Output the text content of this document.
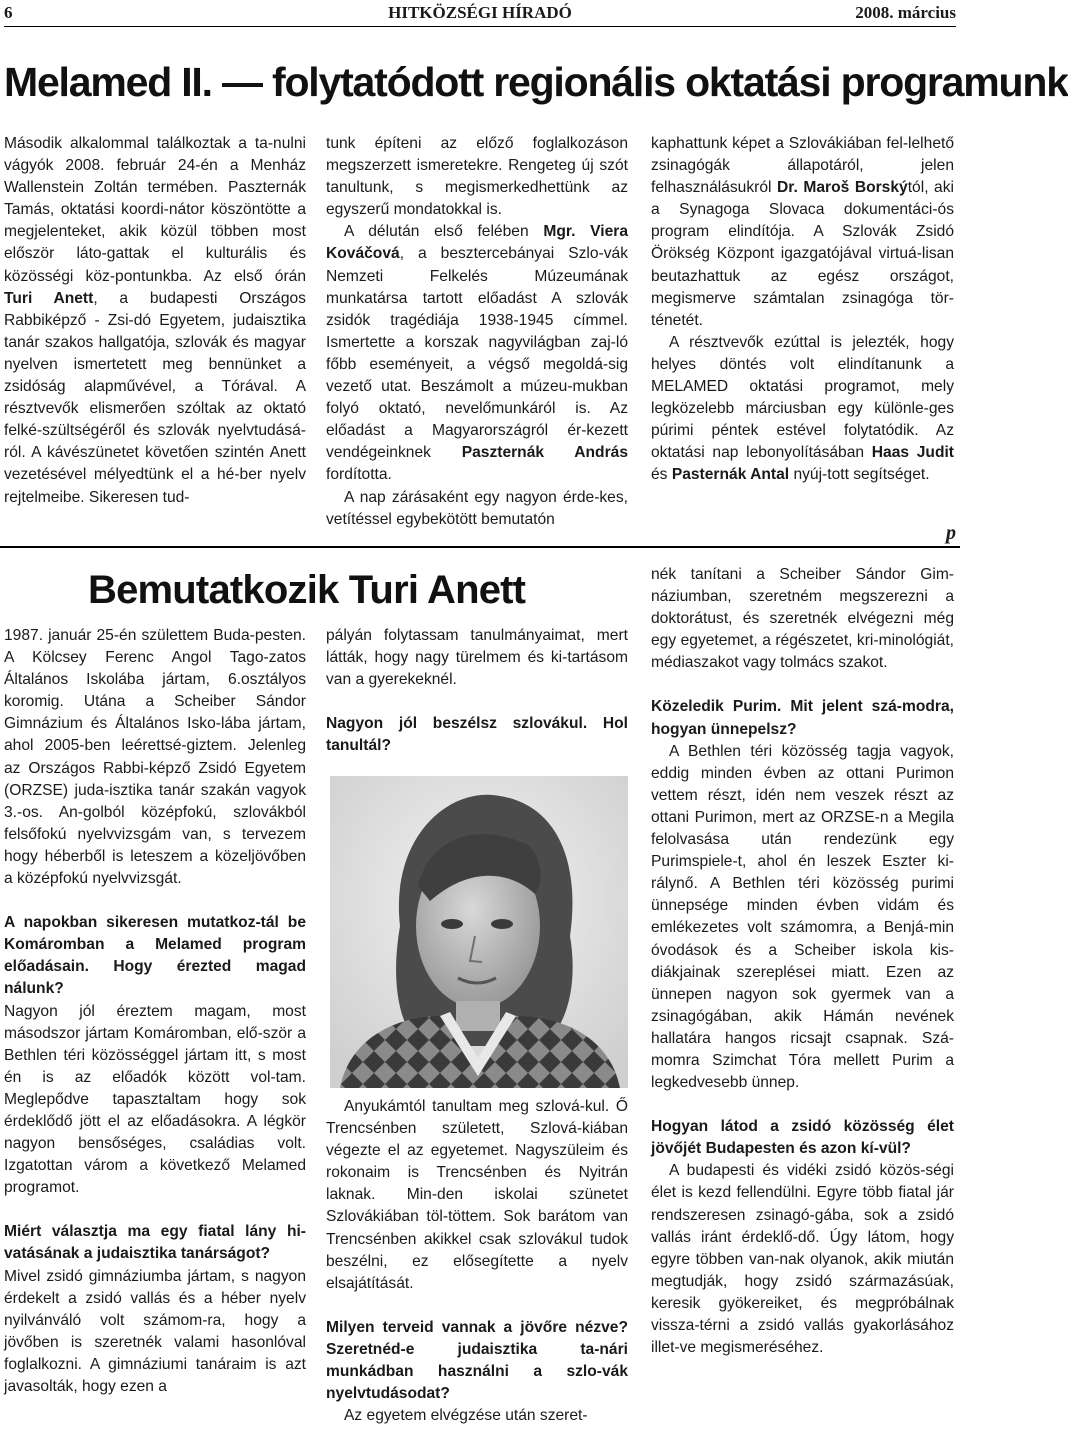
6	HITKÖZSÉGI HÍRADÓ	2008. március
Melamed II. — folytatódott regionális oktatási programunk

Második alkalommal találkoztak a ta-nulni vágyók 2008. február 24-én a Menház Wallenstein Zoltán termében. Paszternák Tamás, oktatási koordi-nátor köszöntötte a megjelenteket, akik közül többen most először láto-gattak el kulturális és közösségi köz-pontunkba. Az első órán Turi Anett, a budapesti Országos Rabbiképző - Zsi-dó Egyetem, judaisztika tanár szakos hallgatója, szlovák és magyar nyelven ismertetett meg bennünket a zsidóság alapművével, a Tórával. A résztvevők elismerően szóltak az oktató felké-szültségéről és szlovák nyelvtudásá-ról. A kávészünetet követően szintén Anett vezetésével mélyedtünk el a hé-ber nyelv rejtelmeibe. Sikeresen tud-

tunk építeni az előző foglalkozáson megszerzett ismeretekre. Rengeteg új szót tanultunk, s megismerkedhettünk az egyszerű mondatokkal is.

A délután első felében Mgr. Viera Kováčová, a besztercebányai Szlo-vák Nemzeti Felkelés Múzeumának munkatársa tartott előadást A szlovák zsidók tragédiája 1938-1945 címmel. Ismertette a korszak nagyvilágban zaj-ló főbb eseményeit, a végső megoldá-sig vezető utat. Beszámolt a múzeu-mukban folyó oktató, nevelőmunkáról is. Az előadást a Magyarországról ér-kezett vendégeinknek Paszternák András fordította.

A nap zárásaként egy nagyon érde-kes, vetítéssel egybekötött bemutatón

kaphattunk képet a Szlovákiában fel-lelhető zsinagógák állapotáról, jelen felhasználásukról Dr. Maroš Borskýtól, aki a Synagoga Slovaca dokumentáci-ós program elindítója. A Szlovák Zsidó Örökség Központ igazgatójával virtuá-lisan beutazhattuk az egész országot, megismerve számtalan zsinagóga tör-ténetét.

A résztvevők ezúttal is jelezték, hogy helyes döntés volt elindítanunk a MELAMED oktatási programot, mely legközelebb márciusban egy különle-ges púrimi péntek estével folytatódik. Az oktatási nap lebonyolításában Haas Judit és Pasternák Antal nyúj-tott segítséget.

p
Bemutatkozik Turi Anett

1987. január 25-én születtem Buda-pesten. A Kölcsey Ferenc Angol Tago-zatos Általános Iskolába jártam, 6.osztályos koromig. Utána a Scheiber Sándor Gimnázium és Általános Isko-lába jártam, ahol 2005-ben leérettsé-giztem. Jelenleg az Országos Rabbi-képző Zsidó Egyetem (ORZSE) juda-isztika tanár szakán vagyok 3.-os. An-golból középfokú, szlovákból felsőfokú nyelvvizsgám van, s tervezem hogy héberből is leteszem a közeljövőben a középfokú nyelvvizsgát.

A napokban sikeresen mutatkoz-tál be Komáromban a Melamed program előadásain. Hogy érezted magad nálunk?

Nagyon jól éreztem magam, most másodszor jártam Komáromban, elő-ször a Bethlen téri közösséggel jártam itt, s most én is az előadók között vol-tam. Meglepődve tapasztaltam hogy sok érdeklődő jött el az előadásokra. A légkör nagyon bensőséges, családias volt. Izgatottan várom a következő Melamed programot.

Miért választja ma egy fiatal lány hi-vatásának a judaisztika tanárságot?

Mivel zsidó gimnáziumba jártam, s nagyon érdekelt a zsidó vallás és a héber nyelv nyilvánváló volt számom-ra, hogy a jövőben is szeretnék valami hasonlóval foglalkozni. A gimnáziumi tanáraim is azt javasolták, hogy ezen a

pályán folytassam tanulmányaimat, mert látták, hogy nagy türelmem és ki-tartásom van a gyerekeknél.

Nagyon jól beszélsz szlovákul. Hol tanultál?

Anyukámtól tanultam meg szlová-kul. Ő Trencsénben született, Szlová-kiában végezte el az egyetemet. Nagyszüleim és rokonaim is Trencsénben és Nyitrán laknak. Min-den iskolai szünetet Szlovákiában töl-töttem. Sok barátom van Trencsénben akikkel csak szlovákul tudok beszélni, ez elősegítette a nyelv elsajátítását.

Milyen terveid vannak a jövőre nézve? Szeretnéd-e judaisztika ta-nári munkádban használni a szlo-vák nyelvtudásodat?

Az egyetem elvégzése után szeret-

nék tanítani a Scheiber Sándor Gim-náziumban, szeretném megszerezni a doktorátust, és szeretnék elvégezni még egy egyetemet, a régészetet, kri-minológiát, médiaszakot vagy tolmács szakot.

Közeledik Purim. Mit jelent szá-modra, hogyan ünnepelsz?

A Bethlen téri közösség tagja vagyok, eddig minden évben az ottani Purimon vettem részt, idén nem veszek részt az ottani Purimon, mert az ORZSE-n a Megila felolvasása után rendezünk egy Purimspiele-t, ahol én leszek Eszter ki-rálynő. A Bethlen téri közösség purimi ünnepsége minden évben vidám és emlékezetes volt számomra, a Benjá-min óvodások és a Scheiber iskola kis-diákjainak szereplései miatt. Ezen az ünnepen nagyon sok gyermek van a zsinagógában, akik Hámán nevének hallatára hangos ricsajt csapnak. Szá-momra Szimchat Tóra mellett Purim a legkedvesebb ünnep.

Hogyan látod a zsidó közösség élet jövőjét Budapesten és azon kí-vül?

A budapesti és vidéki zsidó közös-ségi élet is kezd fellendülni. Egyre több fiatal jár rendszeresen zsinagó-gába, sok a zsidó vallás iránt érdeklő-dő. Úgy látom, hogy egyre többen van-nak olyanok, akik miután megtudják, hogy zsidó származásúak, keresik gyökereiket, és megpróbálnak vissza-térni a zsidó vallás gyakorlásához illet-ve megismeréséhez.
